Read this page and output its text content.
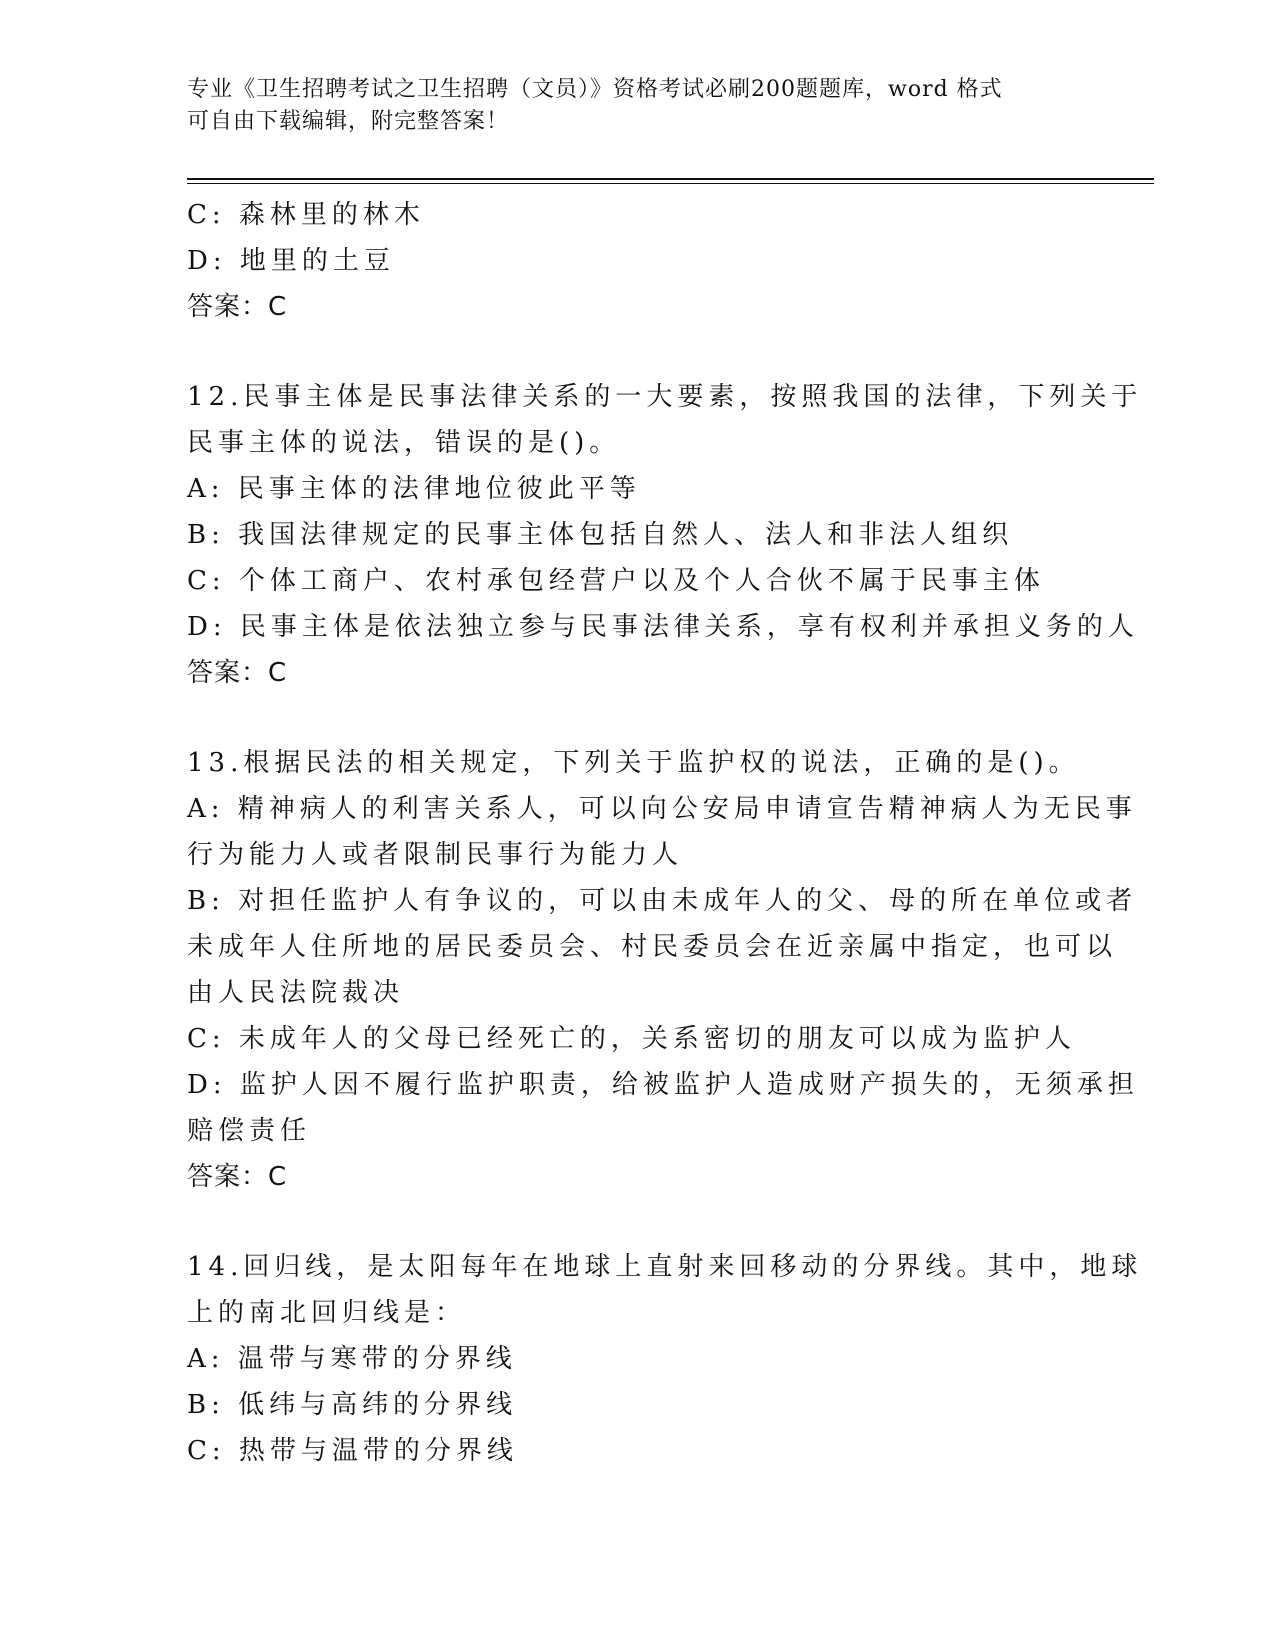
专业《卫生招聘考试之卫生招聘（文员）》资格考试必刷200题题库，word 格式
可自由下载编辑，附完整答案！
C: 森林里的林木
D: 地里的土豆
答案：C
12.民事主体是民事法律关系的一大要素，按照我国的法律，下列关于
民事主体的说法，错误的是()。
A: 民事主体的法律地位彼此平等
B: 我国法律规定的民事主体包括自然人、法人和非法人组织
C: 个体工商户、农村承包经营户以及个人合伙不属于民事主体
D: 民事主体是依法独立参与民事法律关系，享有权利并承担义务的人
答案：C
13.根据民法的相关规定，下列关于监护权的说法，正确的是()。
A: 精神病人的利害关系人，可以向公安局申请宣告精神病人为无民事
行为能力人或者限制民事行为能力人
B: 对担任监护人有争议的，可以由未成年人的父、母的所在单位或者
未成年人住所地的居民委员会、村民委员会在近亲属中指定，也可以
由人民法院裁决
C: 未成年人的父母已经死亡的，关系密切的朋友可以成为监护人
D: 监护人因不履行监护职责，给被监护人造成财产损失的，无须承担
赔偿责任
答案：C
14.回归线，是太阳每年在地球上直射来回移动的分界线。其中，地球
上的南北回归线是：
A: 温带与寒带的分界线
B: 低纬与高纬的分界线
C: 热带与温带的分界线
